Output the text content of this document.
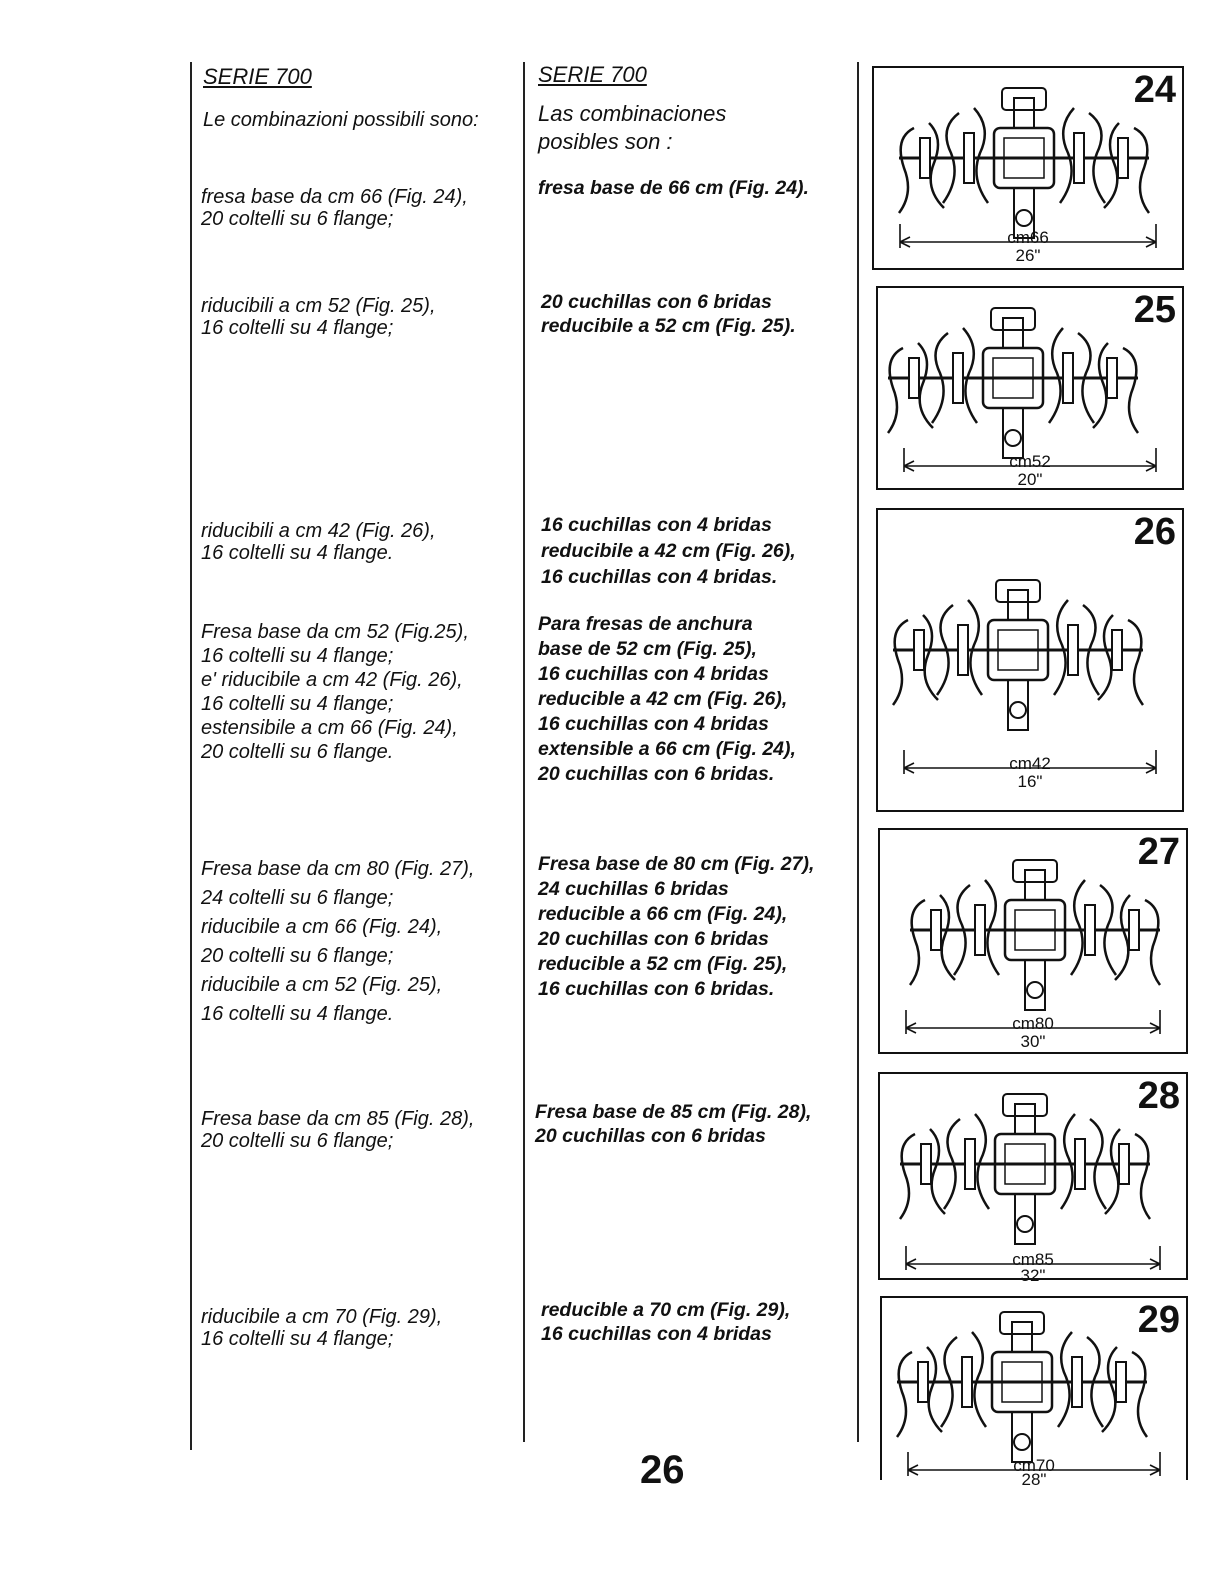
SERIE 700

Le combinazioni possibili sono:

fresa base da cm 66 (Fig. 24),
20 coltelli su 6 flange;

riducibili a cm 52 (Fig. 25),
16 coltelli su 4 flange;

riducibili a cm 42 (Fig. 26),
16 coltelli su 4 flange.

Fresa base da cm 52 (Fig.25),
16 coltelli su 4 flange;
e' riducibile a cm 42 (Fig. 26),
16 coltelli su 4 flange;
estensibile a cm 66 (Fig. 24),
20 coltelli su 6 flange.

Fresa base da cm 80 (Fig. 27),
24 coltelli su 6 flange;
riducibile a cm 66 (Fig. 24),
20 coltelli su 6 flange;
riducibile a cm 52 (Fig. 25),
16 coltelli su 4 flange.

Fresa base da cm 85 (Fig. 28),
20 coltelli su 6 flange;

riducibile a cm 70 (Fig. 29),
16 coltelli su 4 flange;

SERIE 700

Las combinaciones
posibles son :

fresa base de 66 cm (Fig. 24).

20 cuchillas con 6 bridas
reducibile a 52 cm (Fig. 25).

16 cuchillas con 4 bridas
reducibile a 42 cm (Fig. 26),
16 cuchillas con 4 bridas.

Para fresas de anchura
base de 52 cm (Fig. 25),
16 cuchillas con 4 bridas
reducible a 42 cm (Fig. 26),
16 cuchillas con 4 bridas
extensible a 66 cm (Fig. 24),
20 cuchillas con 6 bridas.

Fresa base de 80 cm (Fig. 27),
24 cuchillas 6 bridas
reducible a 66 cm (Fig. 24),
20 cuchillas con 6 bridas
reducible a 52 cm (Fig. 25),
16 cuchillas con 6 bridas.

Fresa base de 85 cm (Fig. 28),
20 cuchillas con 6 bridas

reducible a 70 cm (Fig. 29),
16 cuchillas con 4 bridas

24
cm66
26"
25
cm52
20"
26
cm42
16"
27
cm80
30"
28
cm85
32"
29
cm70
28"
26
